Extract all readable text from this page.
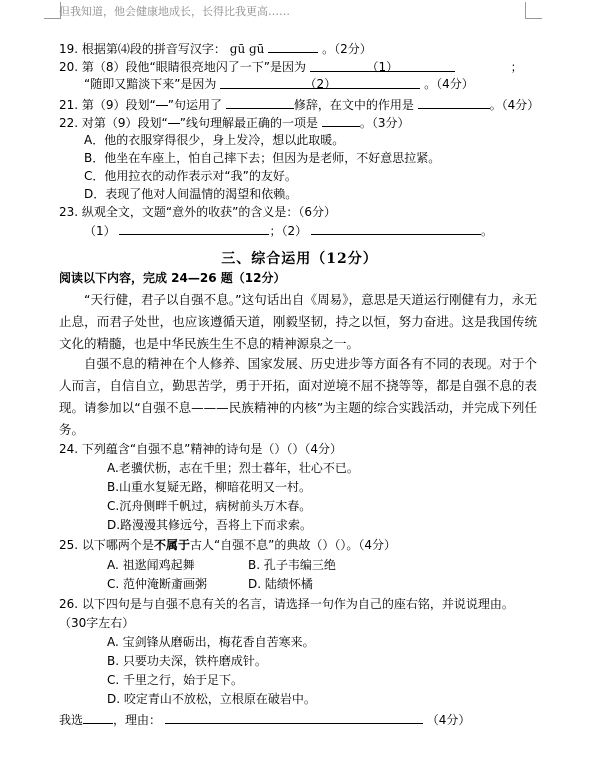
但我知道，他会健康地成长，长得比我更高……
19. 根据第⑷段的拼音写汉字： ɡū ɡū	。（2分）
20. 第（8）段他“眼睛很亮地闪了一下”是因为	（1）	；
“随即又黯淡下来”是因为	（2）	。（4分）
21. 第（9）段划“ ”句运用了	修辞，在文中的作用是	。（4分）
22. 对第（9）段划“ ”线句理解最正确的一项是	。（3分）
A．他的衣服穿得很少，身上发冷，想以此取暖。
B．他坐在车座上，怕自己摔下去；但因为是老师，不好意思拉紧。
C．他用拉衣的动作表示对“我”的友好。
D．表现了他对人间温情的渴望和依赖。
23. 纵观全文，文题“意外的收获”的含义是：（6分）
（1）	；（2）	。
三、综合运用（12分）
阅读以下内容，完成 24—26 题（12分）
“天行健，君子以自强不息。”这句话出自《周易》，意思是天道运行刚健有力，永无止息，而君子处世，也应该遵循天道，刚毅坚韧，持之以恒，努力奋进。这是我国传统文化的精髓，也是中华民族生生不息的精神源泉之一。
自强不息的精神在个人修养、国家发展、历史进步等方面各有不同的表现。对于个人而言，自信自立，勤思苦学，勇于开拓，面对逆境不屈不挠等等，都是自强不息的表现。 请参加以“自强不息———民族精神的内核”为主题的综合实践活动，并完成下列任务。
24. 下列蕴含“自强不息”精神的诗句是（）（）（4分）
A.老骥伏枥，志在千里；烈士暮年，壮心不已。
B.山重水复疑无路，柳暗花明又一村。
C.沉舟侧畔千帆过，病树前头万木春。
D.路漫漫其修远兮，吾将上下而求索。
25. 以下哪两个是不属于古人“自强不息”的典故（）（）。（4分）
A. 祖逖闻鸡起舞	B. 孔子韦编三绝
C. 范仲淹断齑画粥	D. 陆绩怀橘
26. 以下四句是与自强不息有关的名言，请选择一句作为自己的座右铭，并说说理由。
（30字左右）
A. 宝剑锋从磨砺出，梅花香自苦寒来。
B. 只要功夫深，铁杵磨成针。
C. 千里之行，始于足下。
D. 咬定青山不放松，立根原在破岩中。
我选	，理由：	（4分）
